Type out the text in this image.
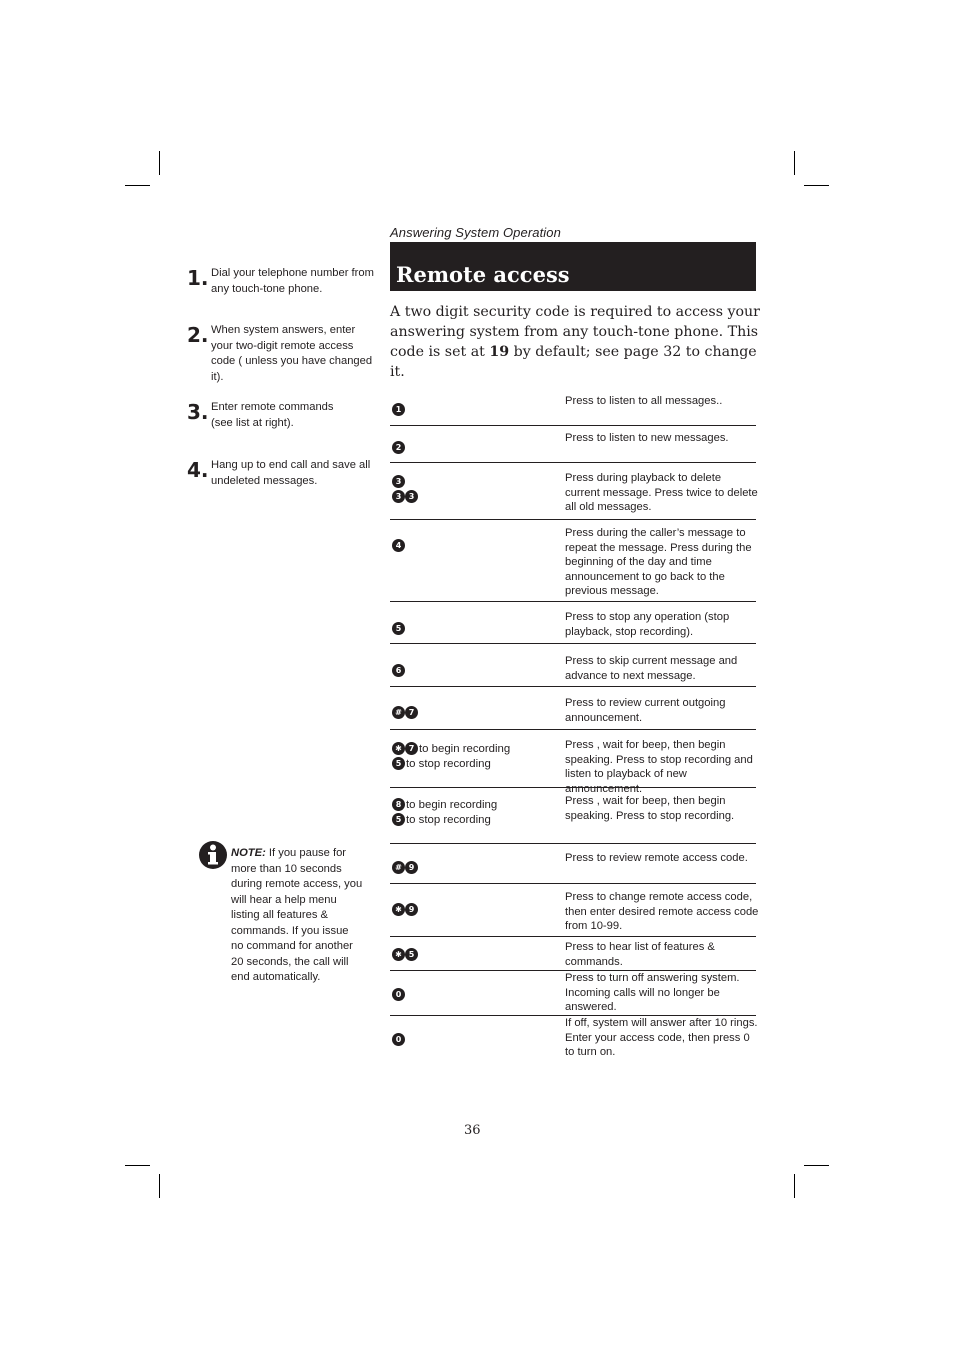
Answering System Operation
Remote access
A two digit security code is required to access your answering system from any touch-tone phone. This code is set at 19 by default; see page 32 to change it.
1. Dial your telephone number from any touch-tone phone.
2. When system answers, enter your two-digit remote access code ( unless you have changed it).
3. Enter remote commands (see list at right).
4. Hang up to end call and save all undeleted messages.
NOTE: If you pause for more than 10 seconds during remote access, you will hear a help menu listing all features & commands. If you issue no command for another 20 seconds, the call will end automatically.
1
Press to listen to all messages..
2
Press to listen to new messages.
3
3 3
Press during playback to delete current message. Press twice to delete all old messages.
4
Press during the caller’s message to repeat the message. Press during the beginning of the day and time announcement to go back to the previous message.
5
Press to stop any operation (stop playback, stop recording).
6
Press to skip current message and advance to next message.
# 7
Press to review current outgoing announcement.
✱ 7 to begin recording
5 to stop recording
Press , wait for beep, then begin speaking. Press to stop recording and listen to playback of new announcement.
8 to begin recording
5 to stop recording
Press , wait for beep, then begin speaking. Press to stop recording.
# 9
Press to review remote access code.
✱ 9
Press to change remote access code, then enter desired remote access code from 10-99.
✱ 5
Press to hear list of features & commands.
0
Press to turn off answering system. Incoming calls will no longer be answered.
0
If off, system will answer after 10 rings. Enter your access code, then press 0 to turn on.
36
